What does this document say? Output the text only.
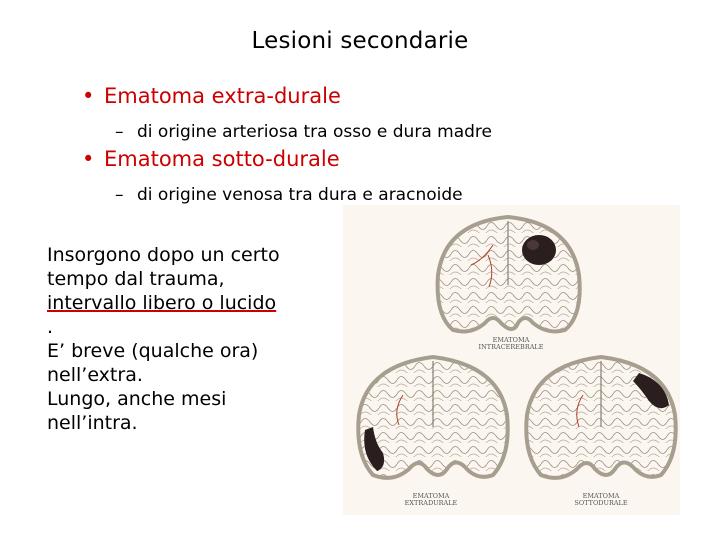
Lesioni secondarie
• Ematoma extra-durale
– di origine arteriosa tra osso e dura madre
• Ematoma sotto-durale
– di origine venosa tra dura e aracnoide
Insorgono dopo un certo
tempo dal trauma,
intervallo libero o lucido
.
E’ breve (qualche ora)
nell’extra.
Lungo, anche mesi
nell’intra.
EMATOMA
INTRACEREBRALE
EMATOMA
EXTRADURALE
EMATOMA
SOTTODURALE
